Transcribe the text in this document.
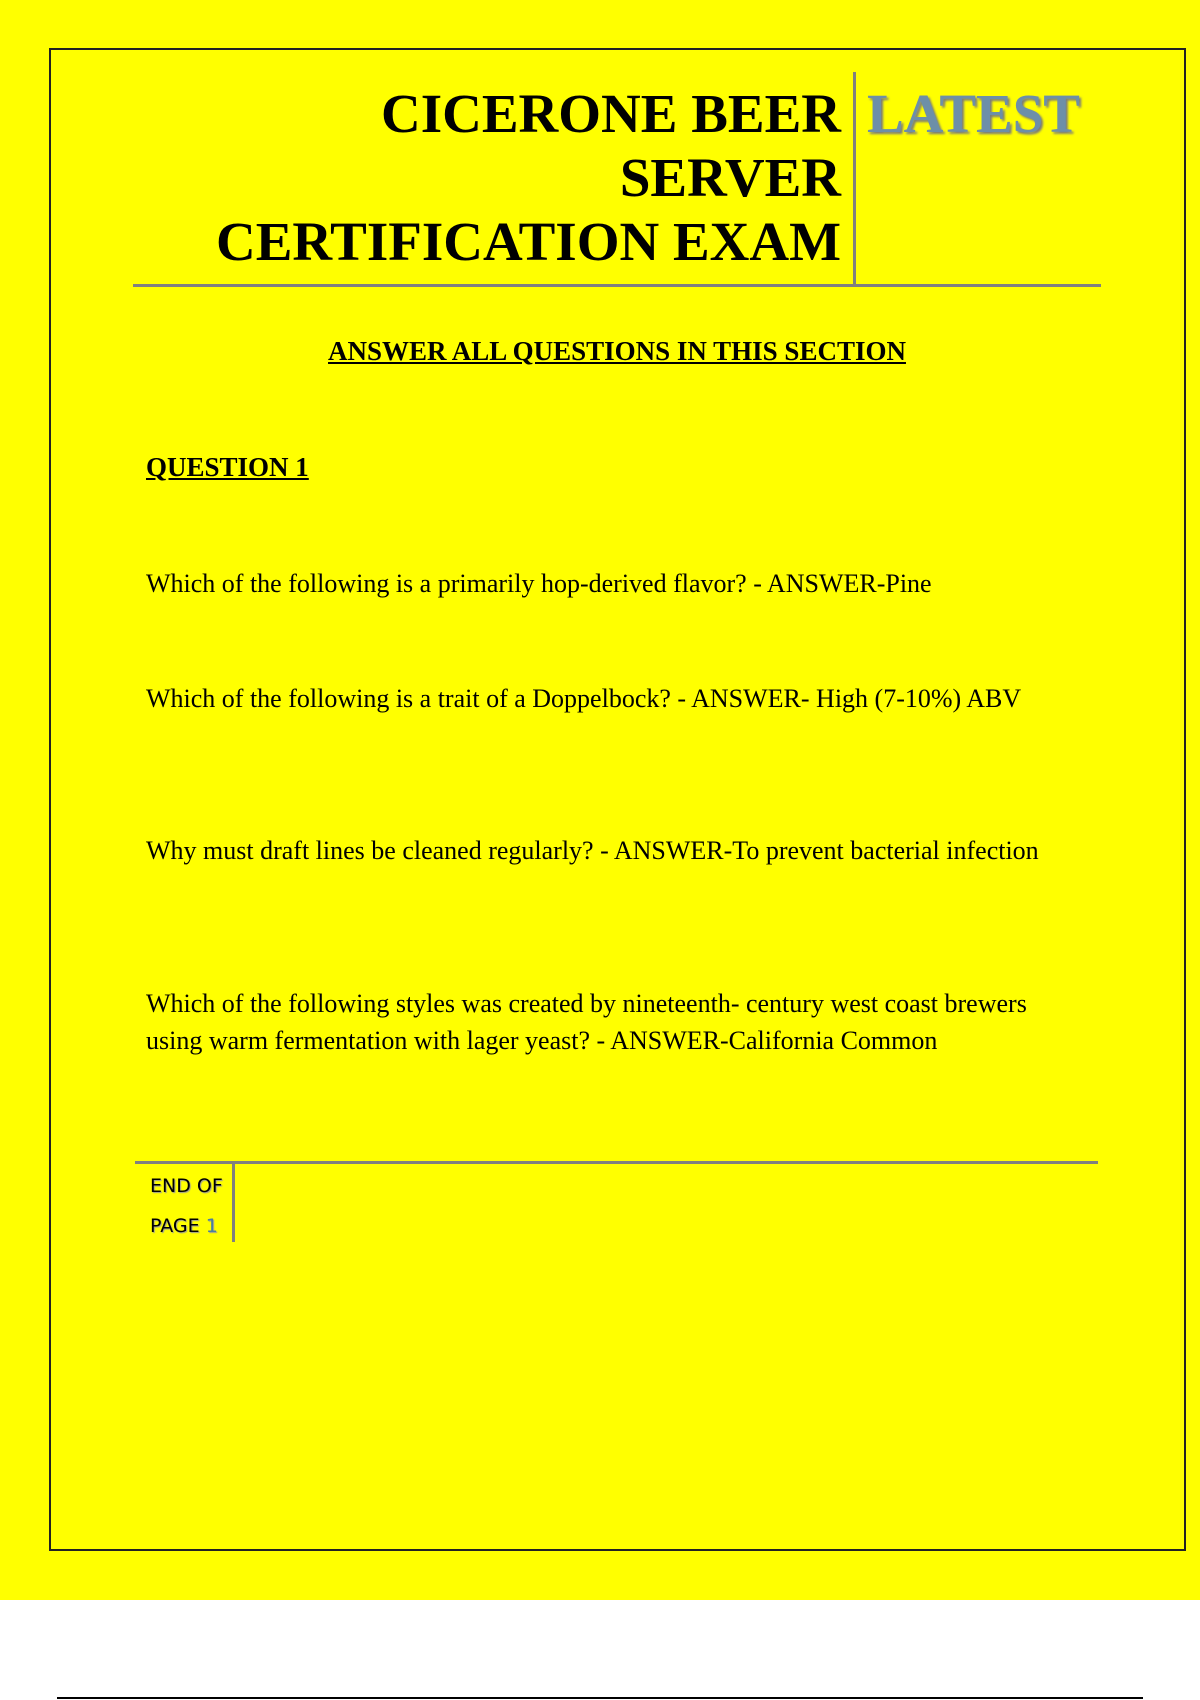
CICERONE BEER
SERVER
CERTIFICATION EXAM
LATEST
ANSWER ALL QUESTIONS IN THIS SECTION
QUESTION 1

Which of the following is a primarily hop-derived flavor? - ANSWER-Pine

Which of the following is a trait of a Doppelbock? - ANSWER- High (7-10%) ABV

Why must draft lines be cleaned regularly? - ANSWER-To prevent bacterial infection

Which of the following styles was created by nineteenth- century west coast brewers using warm fermentation with lager yeast? - ANSWER-California Common

END OF
PAGE 1
